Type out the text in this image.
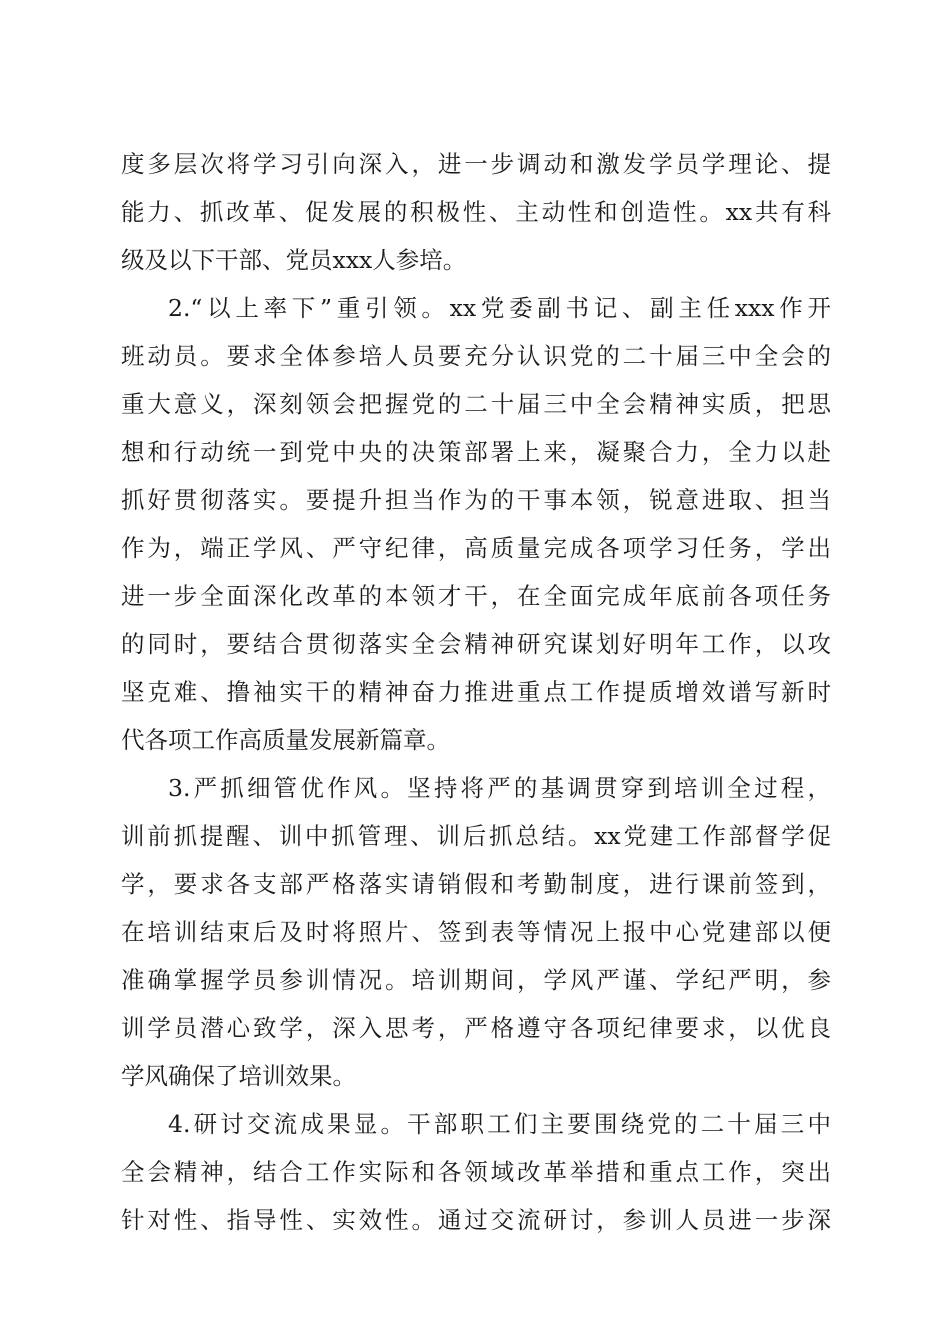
度多层次将学习引向深入，进一步调动和激发学员学理论、提
能力、抓改革、促发展的积极性、主动性和创造性。xx共有科
级及以下干部、党员xxx人参培。
2.“以上率下”重引领。xx党委副书记、副主任xxx作开
班动员。要求全体参培人员要充分认识党的二十届三中全会的
重大意义，深刻领会把握党的二十届三中全会精神实质，把思
想和行动统一到党中央的决策部署上来，凝聚合力，全力以赴
抓好贯彻落实。要提升担当作为的干事本领，锐意进取、担当
作为，端正学风、严守纪律，高质量完成各项学习任务，学出
进一步全面深化改革的本领才干，在全面完成年底前各项任务
的同时，要结合贯彻落实全会精神研究谋划好明年工作，以攻
坚克难、撸袖实干的精神奋力推进重点工作提质增效谱写新时
代各项工作高质量发展新篇章。
3.严抓细管优作风。坚持将严的基调贯穿到培训全过程，
训前抓提醒、训中抓管理、训后抓总结。xx党建工作部督学促
学，要求各支部严格落实请销假和考勤制度，进行课前签到，
在培训结束后及时将照片、签到表等情况上报中心党建部以便
准确掌握学员参训情况。培训期间，学风严谨、学纪严明，参
训学员潜心致学，深入思考，严格遵守各项纪律要求，以优良
学风确保了培训效果。
4.研讨交流成果显。干部职工们主要围绕党的二十届三中
全会精神，结合工作实际和各领域改革举措和重点工作，突出
针对性、指导性、实效性。通过交流研讨，参训人员进一步深
